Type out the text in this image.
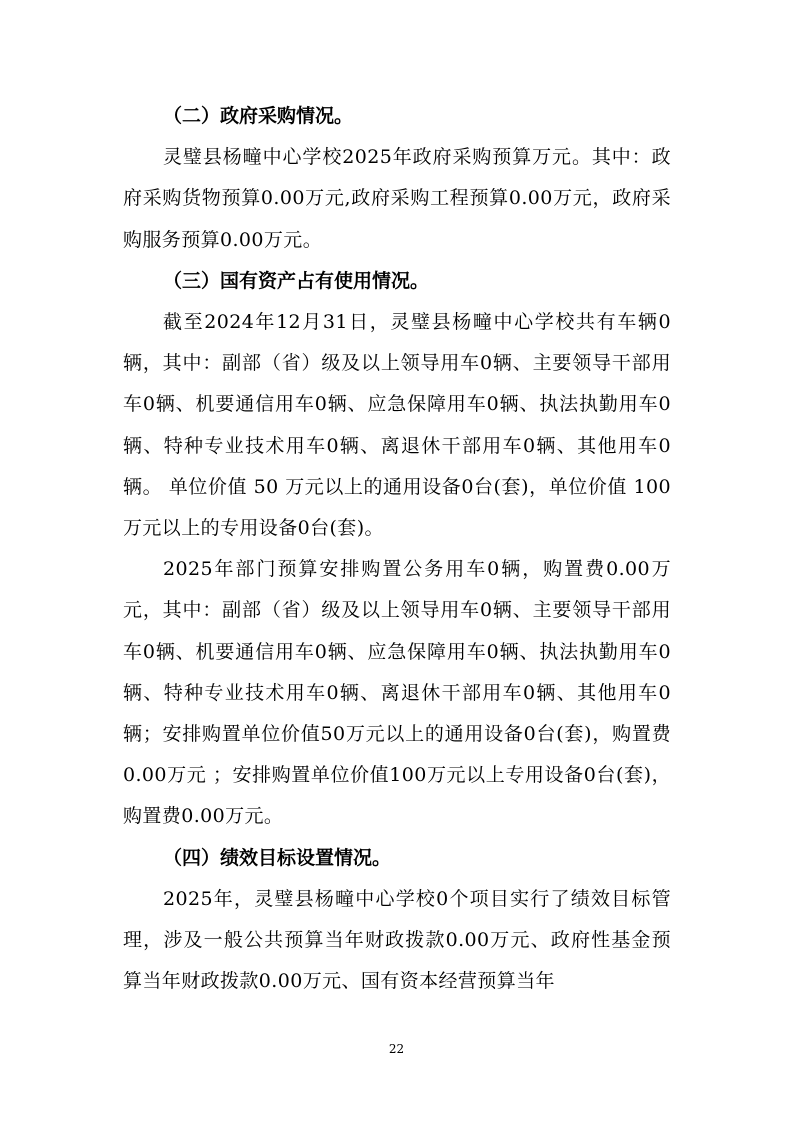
（二）政府采购情况。

灵璧县杨疃中心学校2025年政府采购预算万元。其中：政府采购货物预算0.00万元,政府采购工程预算0.00万元，政府采购服务预算0.00万元。

（三）国有资产占有使用情况。

截至2024年12月31日，灵璧县杨疃中心学校共有车辆0辆，其中：副部（省）级及以上领导用车0辆、主要领导干部用车0辆、机要通信用车0辆、应急保障用车0辆、执法执勤用车0辆、特种专业技术用车0辆、离退休干部用车0辆、其他用车0辆。 单位价值 50 万元以上的通用设备0台(套)，单位价值 100 万元以上的专用设备0台(套)。

2025年部门预算安排购置公务用车0辆，购置费0.00万元，其中：副部（省）级及以上领导用车0辆、主要领导干部用车0辆、机要通信用车0辆、应急保障用车0辆、执法执勤用车0辆、特种专业技术用车0辆、离退休干部用车0辆、其他用车0辆；安排购置单位价值50万元以上的通用设备0台(套)，购置费0.00万元 ；安排购置单位价值100万元以上专用设备0台(套)，购置费0.00万元。

（四）绩效目标设置情况。

2025年，灵璧县杨疃中心学校0个项目实行了绩效目标管理，涉及一般公共预算当年财政拨款0.00万元、政府性基金预算当年财政拨款0.00万元、国有资本经营预算当年

22
